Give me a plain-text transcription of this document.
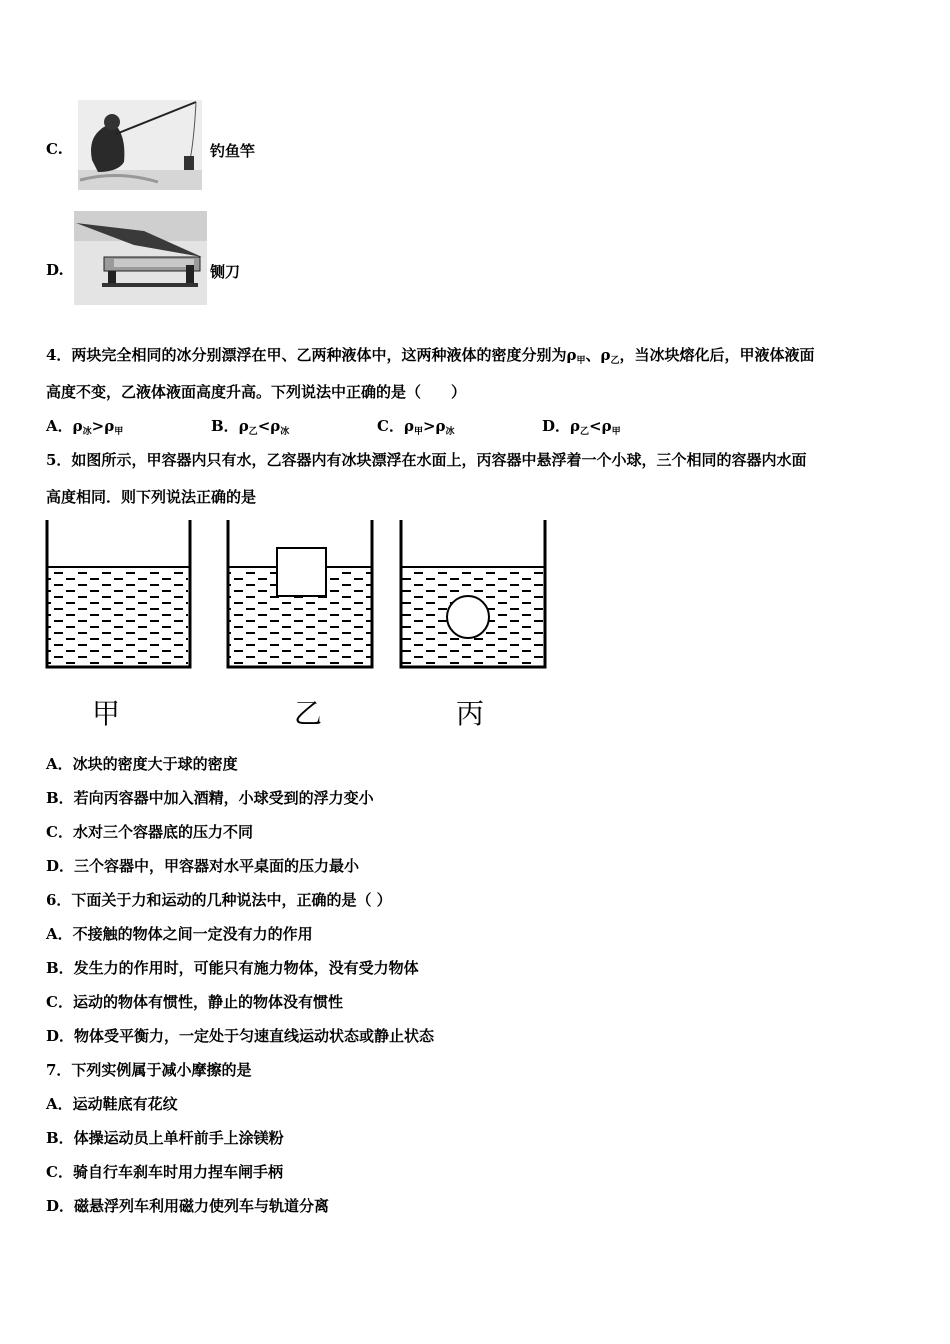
C.	钓鱼竿
D.	铡刀
4．两块完全相同的冰分别漂浮在甲、乙两种液体中，这两种液体的密度分别为$\rho_甲$、$\rho_乙$，当冰块熔化后，甲液体液面
高度不变，乙液体液面高度升高。下列说法中正确的是（　　）
A．$\rho_冰>\rho_甲$	B．$\rho_乙<\rho_冰$	C．$\rho_甲>\rho_冰$	D．$\rho_乙<\rho_甲$
5．如图所示，甲容器内只有水，乙容器内有冰块漂浮在水面上，丙容器中悬浮着一个小球，三个相同的容器内水面
高度相同．则下列说法正确的是
甲	乙	丙
A．冰块的密度大于球的密度
B．若向丙容器中加入酒精，小球受到的浮力变小
C．水对三个容器底的压力不同
D．三个容器中，甲容器对水平桌面的压力最小
6．下面关于力和运动的几种说法中，正确的是（ ）
A．不接触的物体之间一定没有力的作用
B．发生力的作用时，可能只有施力物体，没有受力物体
C．运动的物体有惯性，静止的物体没有惯性
D．物体受平衡力，一定处于匀速直线运动状态或静止状态
7．下列实例属于减小摩擦的是
A．运动鞋底有花纹
B．体操运动员上单杆前手上涂镁粉
C．骑自行车刹车时用力捏车闸手柄
D．磁悬浮列车利用磁力使列车与轨道分离
